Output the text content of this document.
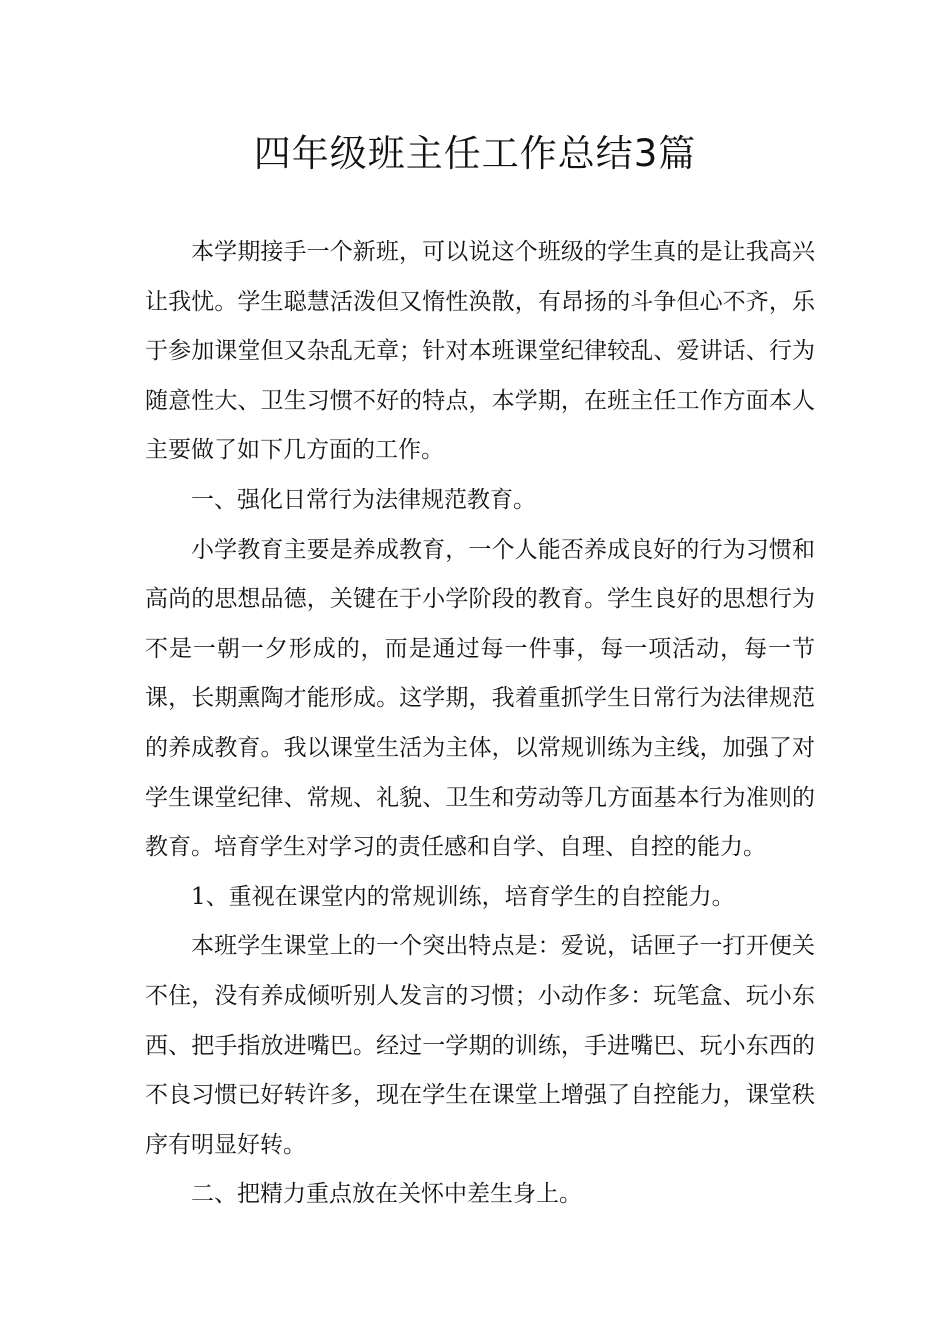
四年级班主任工作总结3篇

本学期接手一个新班，可以说这个班级的学生真的是让我高兴让我忧。学生聪慧活泼但又惰性涣散，有昂扬的斗争但心不齐，乐于参加课堂但又杂乱无章；针对本班课堂纪律较乱、爱讲话、行为随意性大、卫生习惯不好的特点，本学期，在班主任工作方面本人主要做了如下几方面的工作。

一、强化日常行为法律规范教育。

小学教育主要是养成教育，一个人能否养成良好的行为习惯和高尚的思想品德，关键在于小学阶段的教育。学生良好的思想行为不是一朝一夕形成的，而是通过每一件事，每一项活动，每一节课，长期熏陶才能形成。这学期，我着重抓学生日常行为法律规范的养成教育。我以课堂生活为主体，以常规训练为主线，加强了对学生课堂纪律、常规、礼貌、卫生和劳动等几方面基本行为准则的教育。培育学生对学习的责任感和自学、自理、自控的能力。

1、重视在课堂内的常规训练，培育学生的自控能力。

本班学生课堂上的一个突出特点是：爱说，话匣子一打开便关不住，没有养成倾听别人发言的习惯；小动作多：玩笔盒、玩小东西、把手指放进嘴巴。经过一学期的训练，手进嘴巴、玩小东西的不良习惯已好转许多，现在学生在课堂上增强了自控能力，课堂秩序有明显好转。

二、把精力重点放在关怀中差生身上。
